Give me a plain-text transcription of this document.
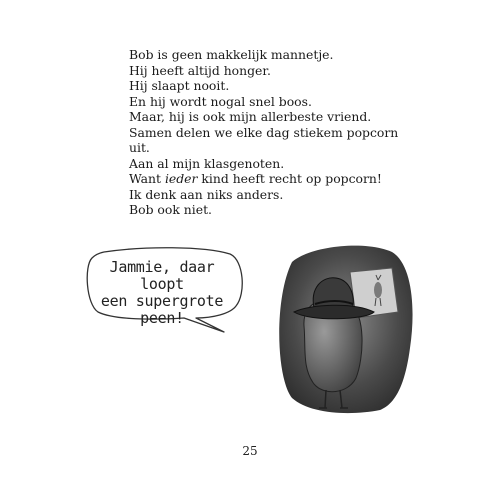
Bob is geen makkelijk mannetje.
Hij heeft altijd honger.
Hij slaapt nooit.
En hij wordt nogal snel boos.
Maar, hij is ook mijn allerbeste vriend.
Samen delen we elke dag stiekem popcorn
uit.
Aan al mijn klasgenoten.
Want ieder kind heeft recht op popcorn!
Ik denk aan niks anders.
Bob ook niet.
Jammie, daar loopt
een supergrote
peen!
25
